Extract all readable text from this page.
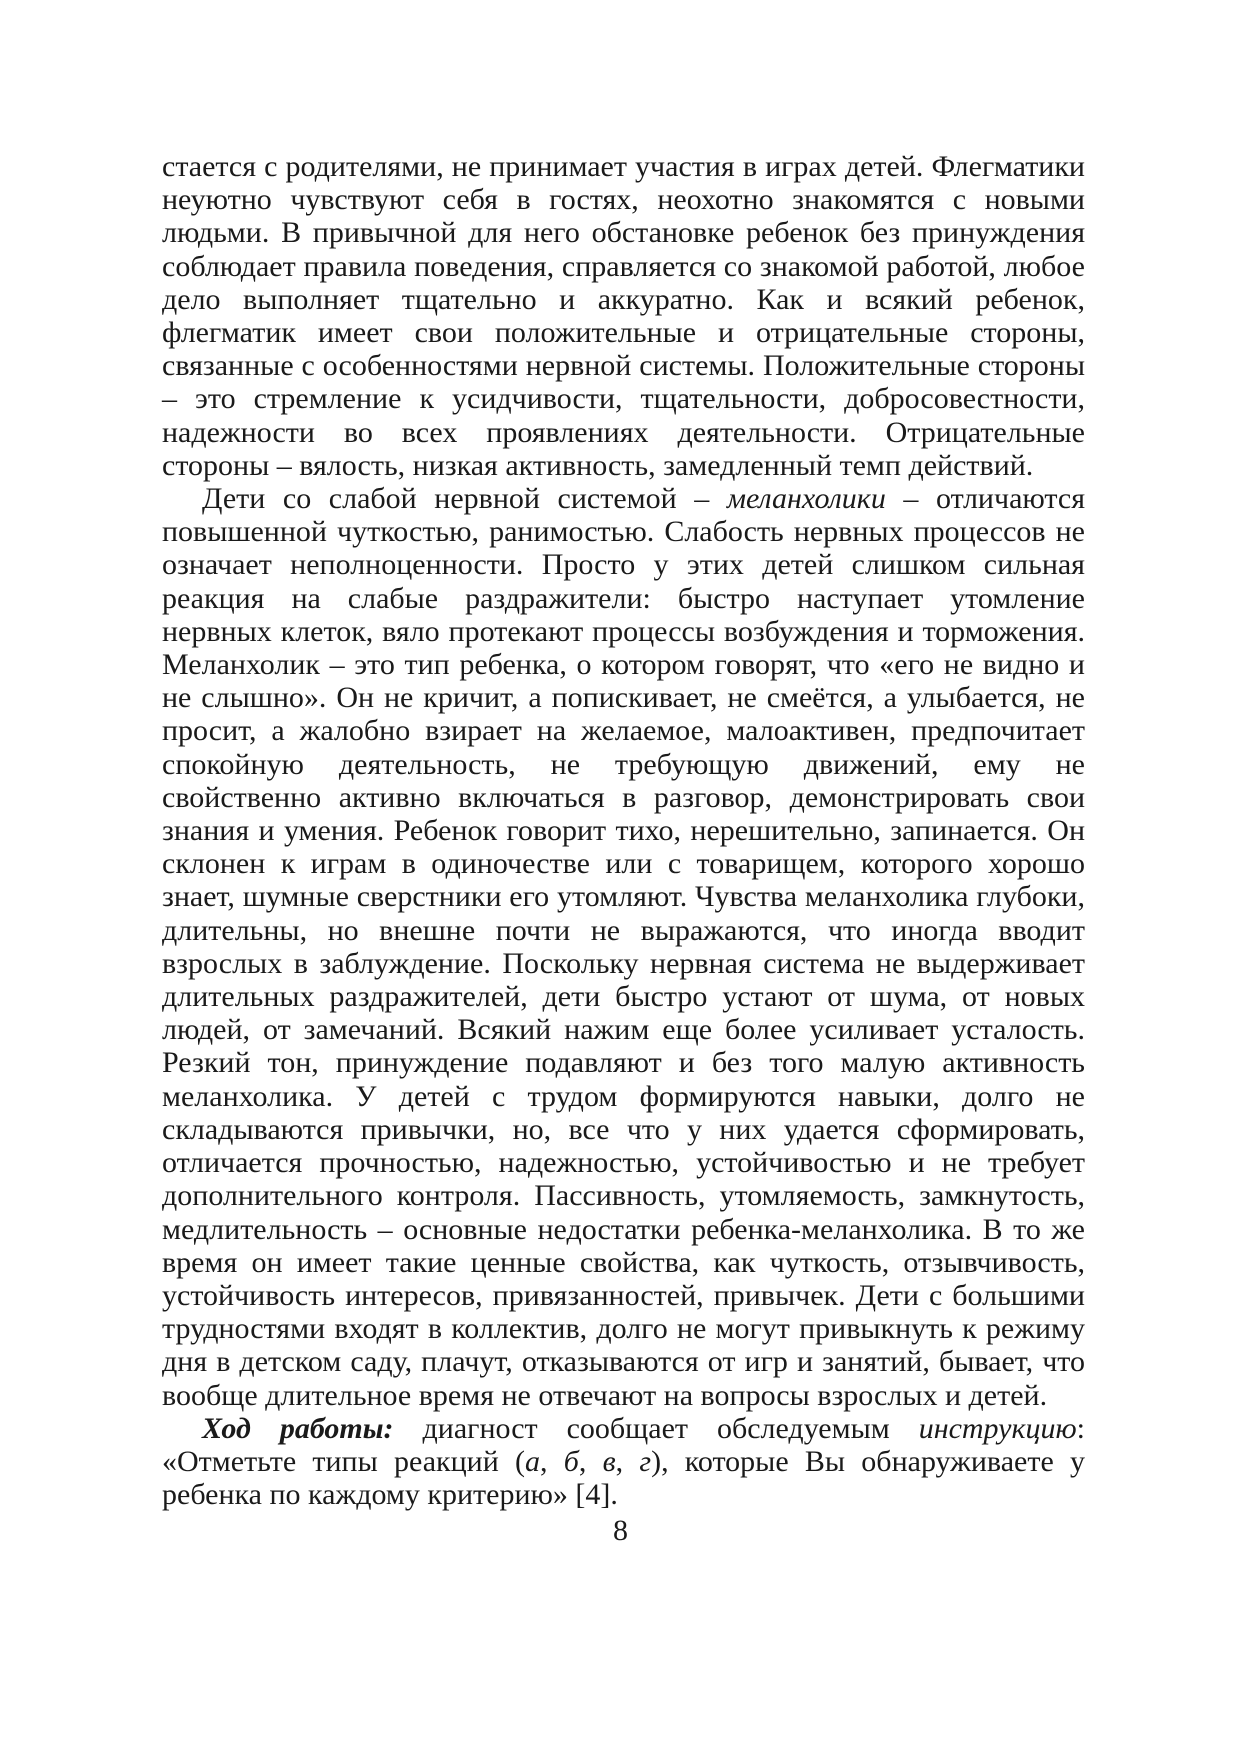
стается с родителями, не принимает участия в играх детей. Флегматики неуютно чувствуют себя в гостях, неохотно знакомятся с новыми людьми. В привычной для него обстановке ребенок без принуждения соблюдает правила поведения, справляется со знакомой работой, любое дело выполняет тщательно и аккуратно. Как и всякий ребенок, флегматик имеет свои положительные и отрицательные стороны, связанные с особенностями нервной системы. Положительные стороны – это стремление к усидчивости, тщательности, добросовестности, надежности во всех проявлениях деятельности. Отрицательные стороны – вялость, низкая активность, замедленный темп действий.

Дети со слабой нервной системой – меланхолики – отличаются повышенной чуткостью, ранимостью. Слабость нервных процессов не означает неполноценности. Просто у этих детей слишком сильная реакция на слабые раздражители: быстро наступает утомление нервных клеток, вяло протекают процессы возбуждения и торможения. Меланхолик – это тип ребенка, о котором говорят, что «его не видно и не слышно». Он не кричит, а попискивает, не смеётся, а улыбается, не просит, а жалобно взирает на желаемое, малоактивен, предпочитает спокойную деятельность, не требующую движений, ему не свойственно активно включаться в разговор, демонстрировать свои знания и умения. Ребенок говорит тихо, нерешительно, запинается. Он склонен к играм в одиночестве или с товарищем, которого хорошо знает, шумные сверстники его утомляют. Чувства меланхолика глубоки, длительны, но внешне почти не выражаются, что иногда вводит взрослых в заблуждение. Поскольку нервная система не выдерживает длительных раздражителей, дети быстро устают от шума, от новых людей, от замечаний. Всякий нажим еще более усиливает усталость. Резкий тон, принуждение подавляют и без того малую активность меланхолика. У детей с трудом формируются навыки, долго не складываются привычки, но, все что у них удается сформировать, отличается прочностью, надежностью, устойчивостью и не требует дополнительного контроля. Пассивность, утомляемость, замкнутость, медлительность – основные недостатки ребенка-меланхолика. В то же время он имеет такие ценные свойства, как чуткость, отзывчивость, устойчивость интересов, привязанностей, привычек. Дети с большими трудностями входят в коллектив, долго не могут привыкнуть к режиму дня в детском саду, плачут, отказываются от игр и занятий, бывает, что вообще длительное время не отвечают на вопросы взрослых и детей.

Ход работы: диагност сообщает обследуемым инструкцию: «Отметьте типы реакций (а, б, в, г), которые Вы обнаруживаете у ребенка по каждому критерию» [4].

8
